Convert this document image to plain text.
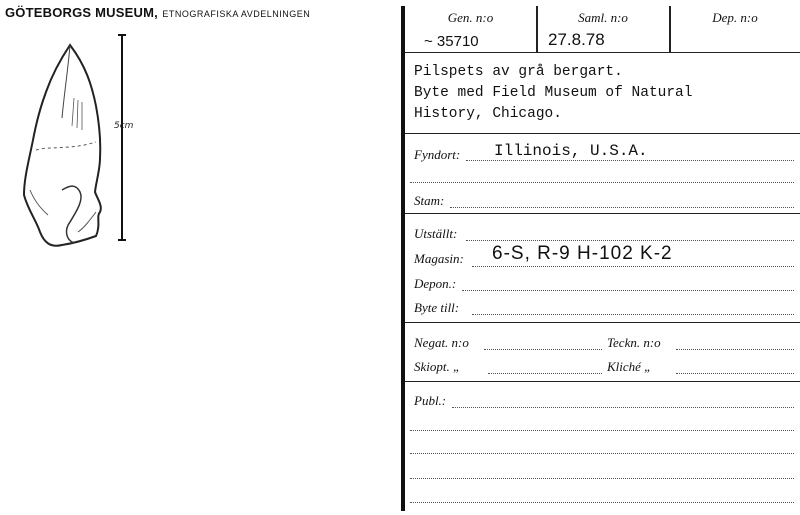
GÖTEBORGS MUSEUM, ETNOGRAFISKA AVDELNINGEN
5cm
Gen. n:o	Saml. n:o	Dep. n:o
~ 35710	27.8.78
Pilspets av grå bergart.
Byte med Field Museum of Natural
History, Chicago.
Fyndort: Illinois, U.S.A.
Stam:
Utställt:
Magasin: 6-S, R-9 H-102 K-2
Depon.:
Byte till:
Negat. n:o	Teckn. n:o
Skiopt. „	Kliché „
Publ.:
